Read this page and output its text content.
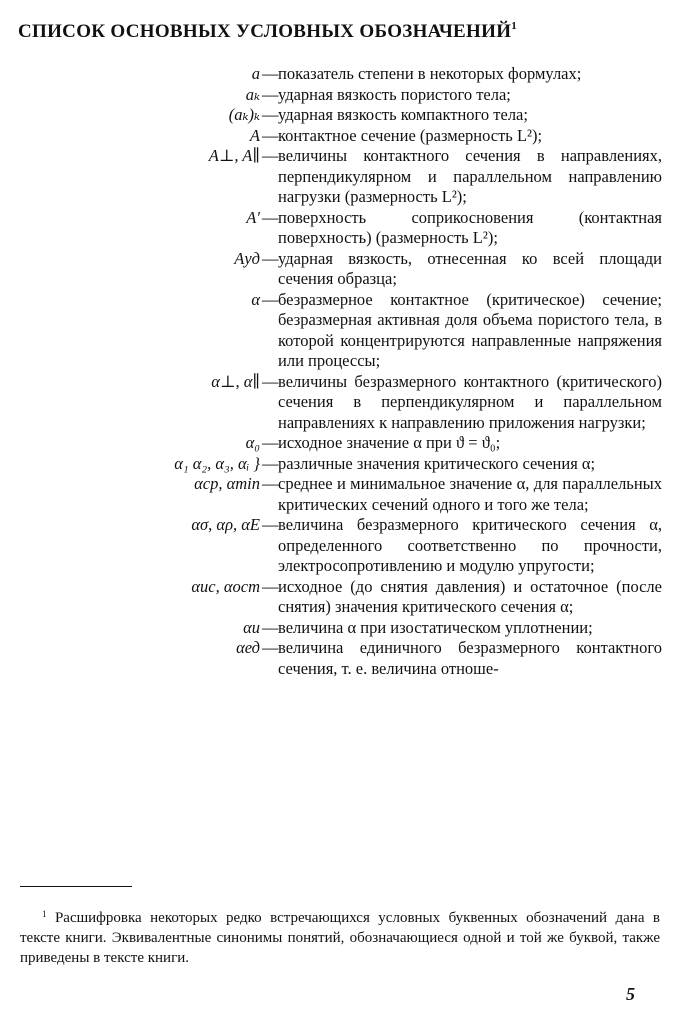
СПИСОК ОСНОВНЫХ УСЛОВНЫХ ОБОЗНАЧЕНИЙ$^1$
a — показатель степени в некоторых формулах;
aₖ — ударная вязкость пористого тела;
(aₖ)ₖ — ударная вязкость компактного тела;
A — контактное сечение (размерность L²);
A⊥, A∥ — величины контактного сечения в направлениях, перпендикулярном и параллельном направлению нагрузки (размерность L²);
A′ — поверхность соприкосновения (контактная поверхность) (размерность L²);
Aуд — ударная вязкость, отнесенная ко всей площади сечения образца;
α — безразмерное контактное (критическое) сечение; безразмерная активная доля объема пористого тела, в которой концентрируются направленные напряжения или процессы;
α⊥, α∥ — величины безразмерного контактного (критического) сечения в перпендикулярном и параллельном направлениях к направлению приложения нагрузки;
α₀ — исходное значение α при ϑ = ϑ₀;
α₁ α₂, α₃, αᵢ } — различные значения критического сечения α;
αср, αmin — среднее и минимальное значение α, для параллельных критических сечений одного и того же тела;
ασ, αρ, αE — величина безразмерного критического сечения α, определенного соответственно по прочности, электросопротивлению и модулю упругости;
αис, αост — исходное (до снятия давления) и остаточное (после снятия) значения критического сечения α;
αи — величина α при изостатическом уплотнении;
αед — величина единичного безразмерного контактного сечения, т. е. величина отноше-
$^1$ Расшифровка некоторых редко встречающихся условных буквенных обозначений дана в тексте книги. Эквивалентные синонимы понятий, обозначающиеся одной и той же буквой, также приведены в тексте книги.
5
